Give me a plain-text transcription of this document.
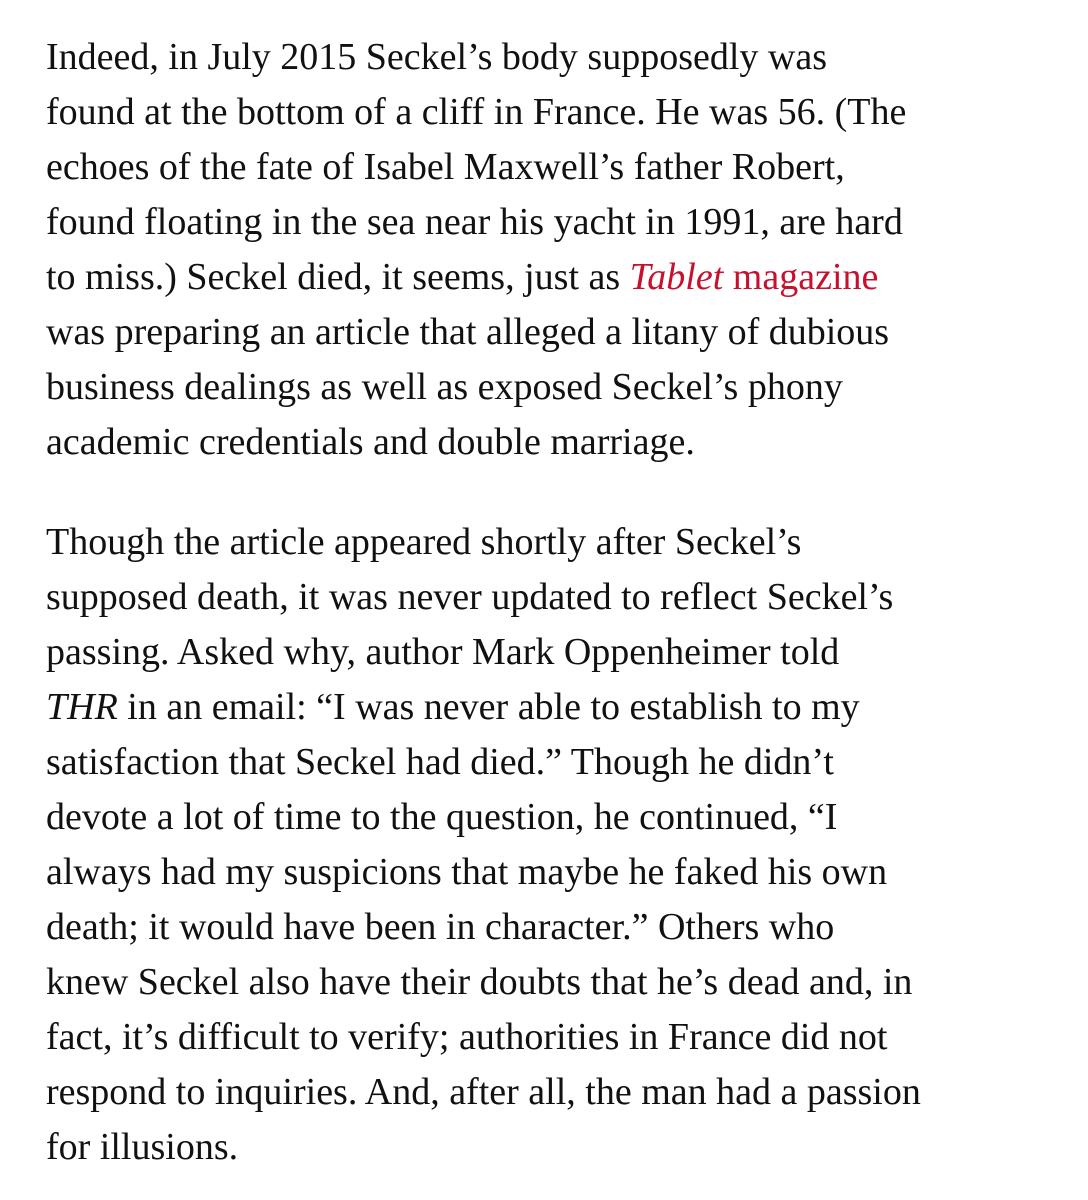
Indeed, in July 2015 Seckel’s body supposedly was
found at the bottom of a cliff in France. He was 56. (The
echoes of the fate of Isabel Maxwell’s father Robert,
found floating in the sea near his yacht in 1991, are hard
to miss.) Seckel died, it seems, just as Tablet magazine
was preparing an article that alleged a litany of dubious
business dealings as well as exposed Seckel’s phony
academic credentials and double marriage.

Though the article appeared shortly after Seckel’s
supposed death, it was never updated to reflect Seckel’s
passing. Asked why, author Mark Oppenheimer told
THR in an email: “I was never able to establish to my
satisfaction that Seckel had died.” Though he didn’t
devote a lot of time to the question, he continued, “I
always had my suspicions that maybe he faked his own
death; it would have been in character.” Others who
knew Seckel also have their doubts that he’s dead and, in
fact, it’s difficult to verify; authorities in France did not
respond to inquiries. And, after all, the man had a passion
for illusions.
